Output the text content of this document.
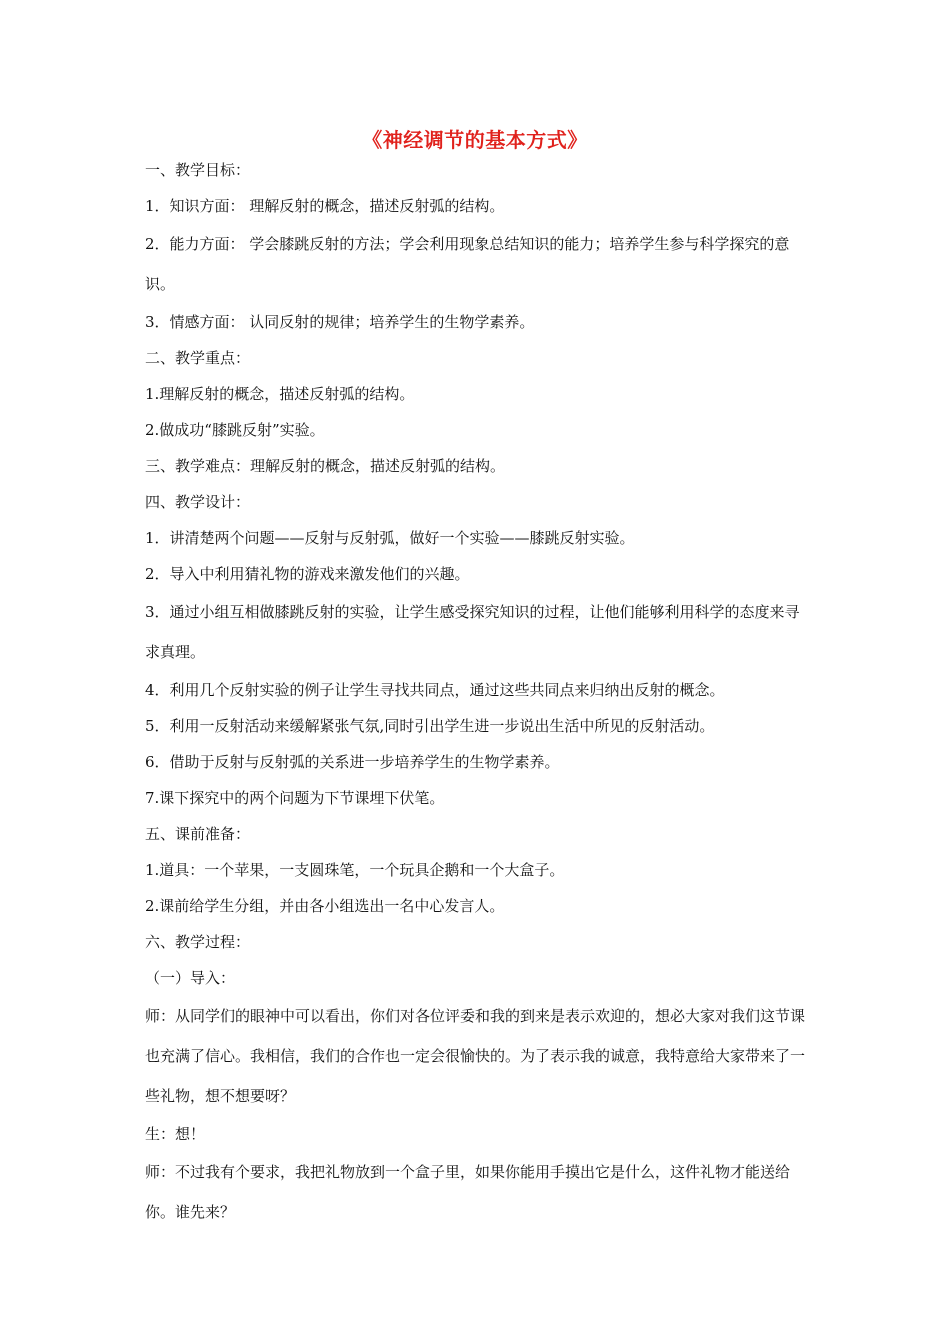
《神经调节的基本方式》

一、教学目标：

1．知识方面： 理解反射的概念，描述反射弧的结构。

2．能力方面： 学会膝跳反射的方法；学会利用现象总结知识的能力；培养学生参与科学探究的意识。

3．情感方面： 认同反射的规律；培养学生的生物学素养。

二、教学重点：

1.理解反射的概念，描述反射弧的结构。

2.做成功“膝跳反射”实验。

三、教学难点：理解反射的概念，描述反射弧的结构。

四、教学设计：

1．讲清楚两个问题——反射与反射弧，做好一个实验——膝跳反射实验。

2．导入中利用猜礼物的游戏来激发他们的兴趣。

3．通过小组互相做膝跳反射的实验，让学生感受探究知识的过程，让他们能够利用科学的态度来寻求真理。

4．利用几个反射实验的例子让学生寻找共同点，通过这些共同点来归纳出反射的概念。

5．利用一反射活动来缓解紧张气氛,同时引出学生进一步说出生活中所见的反射活动。

6．借助于反射与反射弧的关系进一步培养学生的生物学素养。

7.课下探究中的两个问题为下节课埋下伏笔。

五、课前准备：

1.道具：一个苹果，一支圆珠笔，一个玩具企鹅和一个大盒子。

2.课前给学生分组，并由各小组选出一名中心发言人。

六、教学过程：

（一）导入：

师：从同学们的眼神中可以看出，你们对各位评委和我的到来是表示欢迎的，想必大家对我们这节课也充满了信心。我相信，我们的合作也一定会很愉快的。为了表示我的诚意，我特意给大家带来了一些礼物，想不想要呀？

生：想！

师：不过我有个要求，我把礼物放到一个盒子里，如果你能用手摸出它是什么，这件礼物才能送给你。谁先来？
